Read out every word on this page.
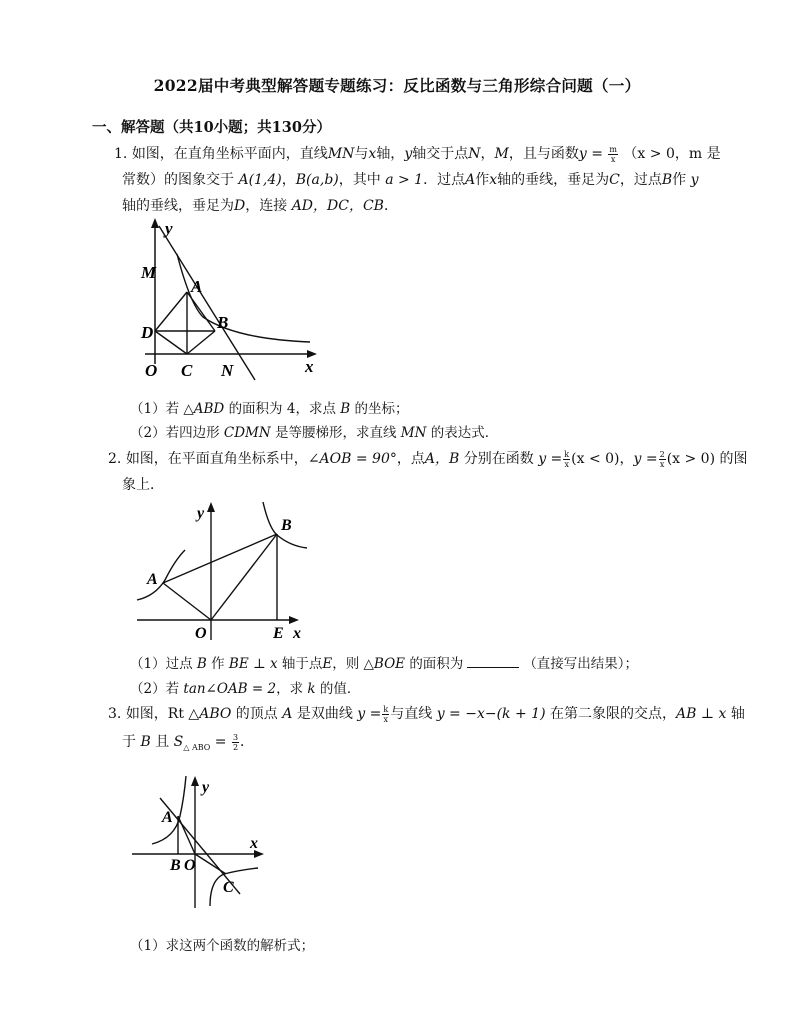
2022届中考典型解答题专题练习：反比函数与三角形综合问题（一）
一、解答题（共10小题；共130分）
1. 如图，在直角坐标平面内，直线MN与x轴，y轴交于点N，M，且与函数$y = \frac{m}{x} (x > 0$，m 是
常数）的图象交于 A(1,4)，B(a,b)，其中 a > 1．过点A作x轴的垂线，垂足为C，过点B作 y
轴的垂线，垂足为D，连接 AD，DC，CB．
y
M
A
D
B
O C N	x
（1）若 △ABD 的面积为 4，求点 B 的坐标；
（2）若四边形 CDMN 是等腰梯形，求直线 MN 的表达式．
2. 如图，在平面直角坐标系中，∠AOB = 90°，点A，B 分别在函数 $y = \frac{k}{x} (x < 0)$，$y = \frac{2}{x} (x > 0)$ 的图
象上．
y
B
A
O	E x
（1）过点 B 作 BE ⊥ x 轴于点E，则 △BOE 的面积为	（直接写出结果）；
（2）若 tan∠OAB = 2，求 k 的值．
3. 如图，Rt △ABO 的顶点 A 是双曲线 $y = \frac{k}{x}$ 与直线 y = −x−(k + 1) 在第二象限的交点，AB ⊥ x 轴
于 B 且 $S_{\triangle ABO} = \frac{3}{2}$ ．
y
A
x
B O
C
（1）求这两个函数的解析式；
